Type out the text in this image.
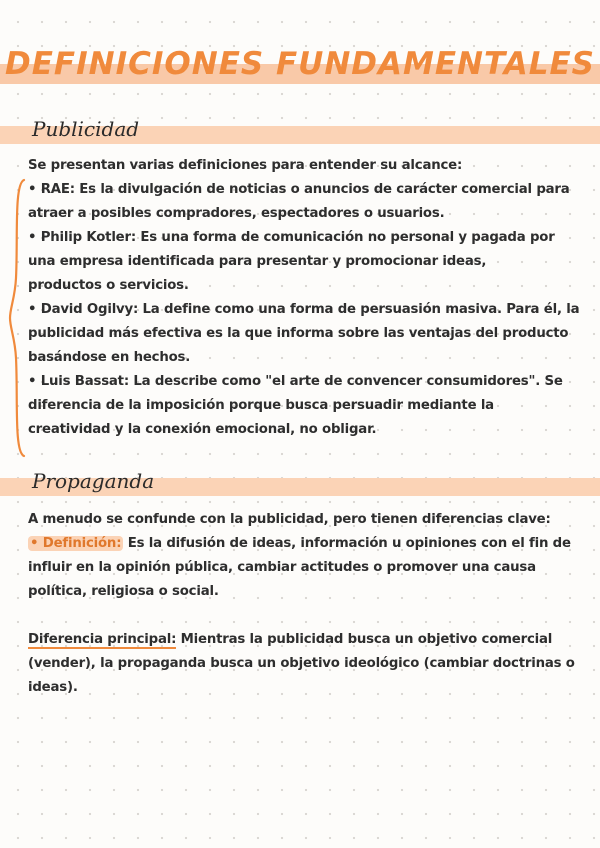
DEFINICIONES FUNDAMENTALES
Publicidad
Se presentan varias definiciones para entender su alcance:
• RAE: Es la divulgación de noticias o anuncios de carácter comercial para
atraer a posibles compradores, espectadores o usuarios.
• Philip Kotler: Es una forma de comunicación no personal y pagada por
una empresa identificada para presentar y promocionar ideas,
productos o servicios.
• David Ogilvy: La define como una forma de persuasión masiva. Para él, la
publicidad más efectiva es la que informa sobre las ventajas del producto
basándose en hechos.
• Luis Bassat: La describe como "el arte de convencer consumidores". Se
diferencia de la imposición porque busca persuadir mediante la
creatividad y la conexión emocional, no obligar.
Propaganda
A menudo se confunde con la publicidad, pero tienen diferencias clave:
• Definición: Es la difusión de ideas, información u opiniones con el fin de
influir en la opinión pública, cambiar actitudes o promover una causa
política, religiosa o social.
Diferencia principal: Mientras la publicidad busca un objetivo comercial
(vender), la propaganda busca un objetivo ideológico (cambiar doctrinas o
ideas).
